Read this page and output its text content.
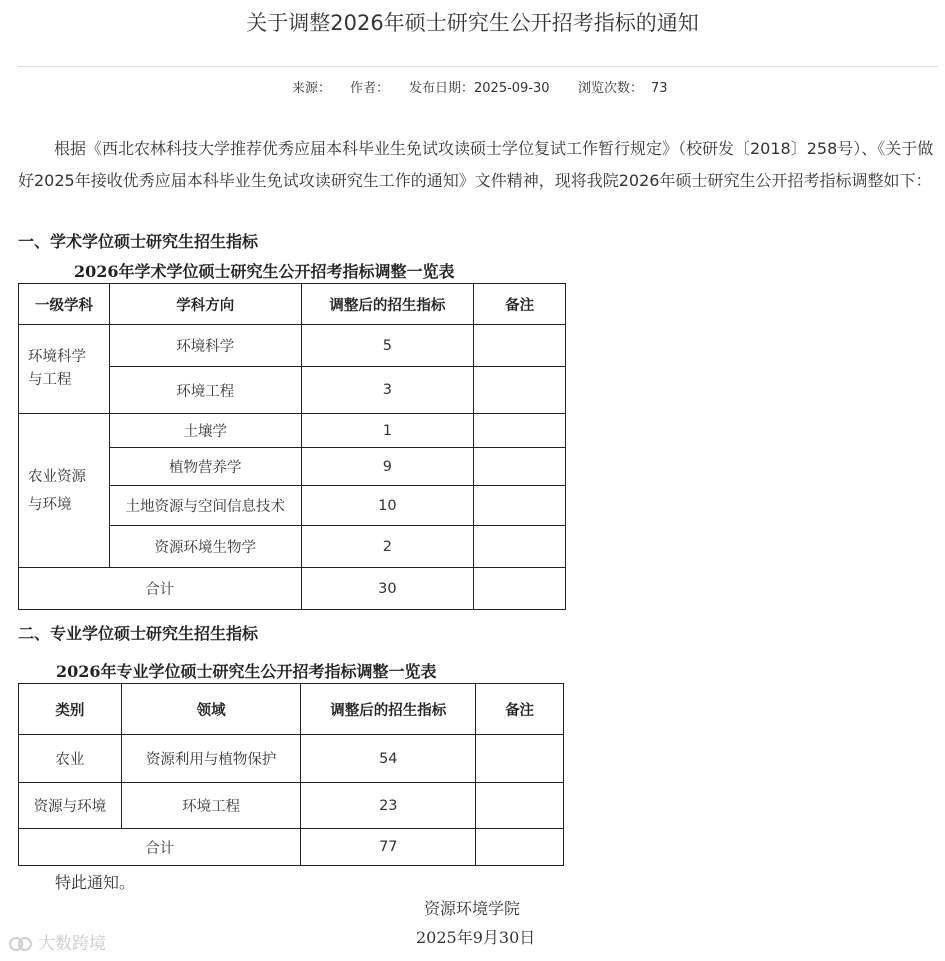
关于调整2026年硕士研究生公开招考指标的通知
来源： 作者： 发布日期：2025-09-30 浏览次数： 73
根据《西北农林科技大学推荐优秀应届本科毕业生免试攻读硕士学位复试工作暂行规定》（校研发〔2018〕258号）、《关于做好2025年接收优秀应届本科毕业生免试攻读研究生工作的通知》文件精神，现将我院2026年硕士研究生公开招考指标调整如下：
一、学术学位硕士研究生招生指标
2026年学术学位硕士研究生公开招考指标调整一览表
一级学科	学科方向	调整后的招生指标	备注

环境科学与工程	环境科学	5	
	环境工程	3	

农业资源与环境	土壤学	1	
	植物营养学	9	
	土地资源与空间信息技术	10	
	资源环境生物学	2	
合计		30	
二、专业学位硕士研究生招生指标
2026年专业学位硕士研究生公开招考指标调整一览表
类别	领域	调整后的招生指标	备注
农业	资源利用与植物保护	54	
资源与环境	环境工程	23	
合计		77	
特此通知。
资源环境学院
2025年9月30日
大数跨境
